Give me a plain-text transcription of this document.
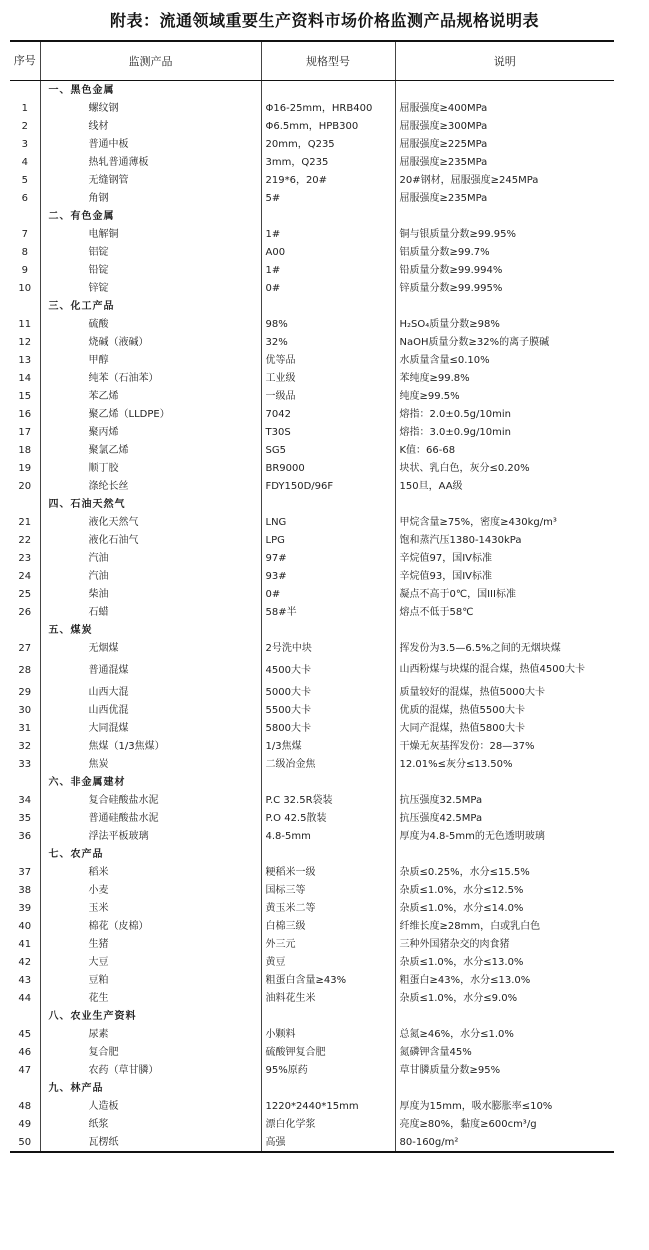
附表：流通领域重要生产资料市场价格监测产品规格说明表
序号	监测产品	规格型号	说明
	一、黑色金属		
1	螺纹钢	Φ16-25mm，HRB400	屈服强度≥400MPa
2	线材	Φ6.5mm，HPB300	屈服强度≥300MPa
3	普通中板	20mm，Q235	屈服强度≥225MPa
4	热轧普通薄板	3mm，Q235	屈服强度≥235MPa
5	无缝钢管	219*6，20#	20#钢材，屈服强度≥245MPa
6	角钢	5#	屈服强度≥235MPa
	二、有色金属		
7	电解铜	1#	铜与银质量分数≥99.95%
8	铝锭	A00	铝质量分数≥99.7%
9	铅锭	1#	铅质量分数≥99.994%
10	锌锭	0#	锌质量分数≥99.995%
	三、化工产品		
11	硫酸	98%	H₂SO₄质量分数≥98%
12	烧碱（液碱）	32%	NaOH质量分数≥32%的离子膜碱
13	甲醇	优等品	水质量含量≤0.10%
14	纯苯（石油苯）	工业级	苯纯度≥99.8%
15	苯乙烯	一级品	纯度≥99.5%
16	聚乙烯（LLDPE）	7042	熔指：2.0±0.5g/10min
17	聚丙烯	T30S	熔指：3.0±0.9g/10min
18	聚氯乙烯	SG5	K值：66-68
19	顺丁胶	BR9000	块状、乳白色，灰分≤0.20%
20	涤纶长丝	FDY150D/96F	150旦，AA级
	四、石油天然气		
21	液化天然气	LNG	甲烷含量≥75%，密度≥430kg/m³
22	液化石油气	LPG	饱和蒸汽压1380-1430kPa
23	汽油	97#	辛烷值97，国IV标准
24	汽油	93#	辛烷值93，国IV标准
25	柴油	0#	凝点不高于0℃，国III标准
26	石蜡	58#半	熔点不低于58℃
	五、煤炭		
27	无烟煤	2号洗中块	挥发份为3.5—6.5%之间的无烟块煤
28	普通混煤	4500大卡	山西粉煤与块煤的混合煤，热值4500大卡
29	山西大混	5000大卡	质量较好的混煤，热值5000大卡
30	山西优混	5500大卡	优质的混煤，热值5500大卡
31	大同混煤	5800大卡	大同产混煤，热值5800大卡
32	焦煤（1/3焦煤）	1/3焦煤	干燥无灰基挥发份：28—37%
33	焦炭	二级冶金焦	12.01%≤灰分≤13.50%
	六、非金属建材		
34	复合硅酸盐水泥	P.C 32.5R袋装	抗压强度32.5MPa
35	普通硅酸盐水泥	P.O 42.5散装	抗压强度42.5MPa
36	浮法平板玻璃	4.8-5mm	厚度为4.8-5mm的无色透明玻璃
	七、农产品		
37	稻米	粳稻米一级	杂质≤0.25%，水分≤15.5%
38	小麦	国标三等	杂质≤1.0%，水分≤12.5%
39	玉米	黄玉米二等	杂质≤1.0%，水分≤14.0%
40	棉花（皮棉）	白棉三级	纤维长度≥28mm，白或乳白色
41	生猪	外三元	三种外国猪杂交的肉食猪
42	大豆	黄豆	杂质≤1.0%，水分≤13.0%
43	豆粕	粗蛋白含量≥43%	粗蛋白≥43%，水分≤13.0%
44	花生	油料花生米	杂质≤1.0%，水分≤9.0%
	八、农业生产资料		
45	尿素	小颗料	总氮≥46%，水分≤1.0%
46	复合肥	硫酸钾复合肥	氮磷钾含量45%
47	农药（草甘膦）	95%原药	草甘膦质量分数≥95%
	九、林产品		
48	人造板	1220*2440*15mm	厚度为15mm，吸水膨胀率≤10%
49	纸浆	漂白化学浆	亮度≥80%，黏度≥600cm³/g
50	瓦楞纸	高强	80-160g/m²
